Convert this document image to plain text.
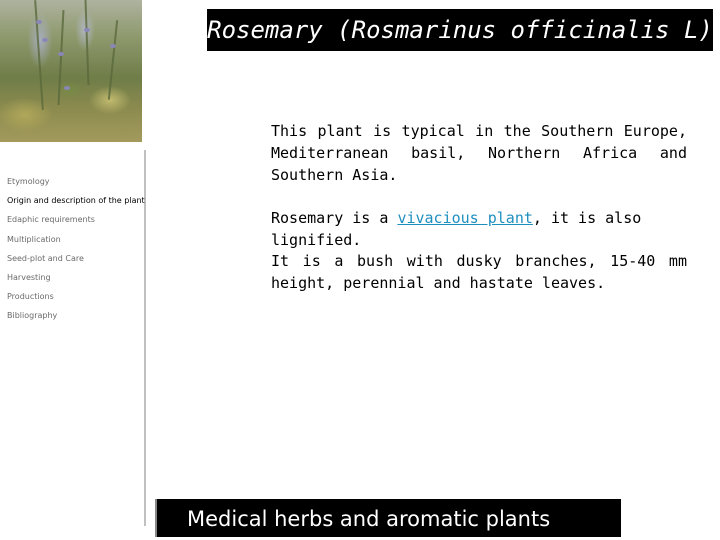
Rosemary (Rosmarinus officinalis L)
Etymology
Origin and description of the plant
Edaphic requirements
Multiplication
Seed-plot and Care
Harvesting
Productions
Bibliography
This plant is typical in the Southern Europe, Mediterranean basil, Northern Africa and Southern Asia.
Rosemary is a vivacious plant, it is also lignified.
It is a bush with dusky branches, 15-40 mm height, perennial and hastate leaves.
Medical herbs and aromatic plants
